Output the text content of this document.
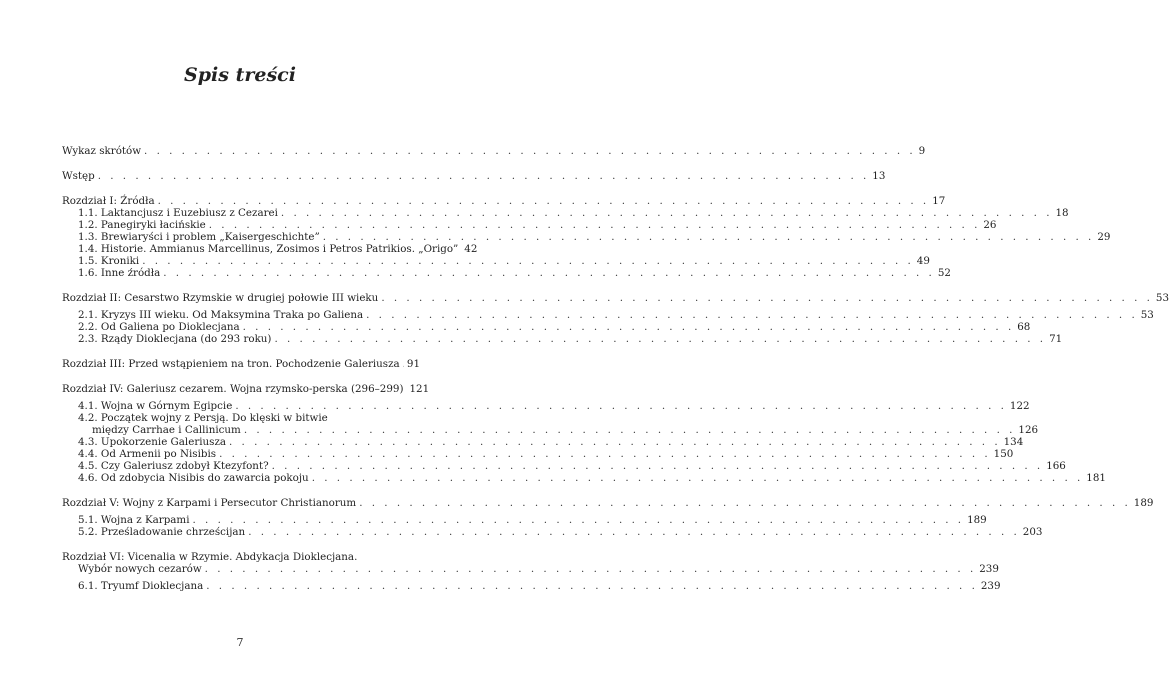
Spis treści
Wykaz skrótów . . . . . . . . . . . . . . . . . . . . . . . . . . . . . . . . . . . . . . . . . . . . . . . . . . . . . . . . . . . . . . 9
Wstęp . . . . . . . . . . . . . . . . . . . . . . . . . . . . . . . . . . . . . . . . . . . . . . . . . . . . . . . . . . . . . . 13
Rozdział I: Źródła . . . . . . . . . . . . . . . . . . . . . . . . . . . . . . . . . . . . . . . . . . . . . . . . . . . . . . . . . . . . . . 17
1.1. Laktancjusz i Euzebiusz z Cezarei . . . . . . . . . . . . . . . . . . . . . . . . . . . . . . . . . . . . . . . . . . . . . . . . . . . . . . . . . . . . . . 18
1.2. Panegiryki łacińskie . . . . . . . . . . . . . . . . . . . . . . . . . . . . . . . . . . . . . . . . . . . . . . . . . . . . . . . . . . . . . . 26
1.3. Brewiaryści i problem „Kaisergeschichte” . . . . . . . . . . . . . . . . . . . . . . . . . . . . . . . . . . . . . . . . . . . . . . . . . . . . . . . . . . . . . . 29
1.4. Historie. Ammianus Marcellinus, Zosimos i Petros Patrikios. „Origo” 42
1.5. Kroniki . . . . . . . . . . . . . . . . . . . . . . . . . . . . . . . . . . . . . . . . . . . . . . . . . . . . . . . . . . . . . . 49
1.6. Inne źródła . . . . . . . . . . . . . . . . . . . . . . . . . . . . . . . . . . . . . . . . . . . . . . . . . . . . . . . . . . . . . . 52
Rozdział II: Cesarstwo Rzymskie w drugiej połowie III wieku . . . . . . . . . . . . . . . . . . . . . . . . . . . . . . . . . . . . . . . . . . . . . . . . . . . . . . . . . . . . . . 53
2.1. Kryzys III wieku. Od Maksymina Traka po Galiena . . . . . . . . . . . . . . . . . . . . . . . . . . . . . . . . . . . . . . . . . . . . . . . . . . . . . . . . . . . . . . 53
2.2. Od Galiena po Dioklecjana . . . . . . . . . . . . . . . . . . . . . . . . . . . . . . . . . . . . . . . . . . . . . . . . . . . . . . . . . . . . . . 68
2.3. Rządy Dioklecjana (do 293 roku) . . . . . . . . . . . . . . . . . . . . . . . . . . . . . . . . . . . . . . . . . . . . . . . . . . . . . . . . . . . . . . 71
Rozdział III: Przed wstąpieniem na tron. Pochodzenie Galeriusza 91
Rozdział IV: Galeriusz cezarem. Wojna rzymsko-perska (296–299) 121
4.1. Wojna w Górnym Egipcie . . . . . . . . . . . . . . . . . . . . . . . . . . . . . . . . . . . . . . . . . . . . . . . . . . . . . . . . . . . . . . 122
4.2. Początek wojny z Persją. Do klęski w bitwie
między Carrhae i Callinicum . . . . . . . . . . . . . . . . . . . . . . . . . . . . . . . . . . . . . . . . . . . . . . . . . . . . . . . . . . . . . . 126
4.3. Upokorzenie Galeriusza . . . . . . . . . . . . . . . . . . . . . . . . . . . . . . . . . . . . . . . . . . . . . . . . . . . . . . . . . . . . . . 134
4.4. Od Armenii po Nisibis . . . . . . . . . . . . . . . . . . . . . . . . . . . . . . . . . . . . . . . . . . . . . . . . . . . . . . . . . . . . . . 150
4.5. Czy Galeriusz zdobył Ktezyfont? . . . . . . . . . . . . . . . . . . . . . . . . . . . . . . . . . . . . . . . . . . . . . . . . . . . . . . . . . . . . . . 166
4.6. Od zdobycia Nisibis do zawarcia pokoju . . . . . . . . . . . . . . . . . . . . . . . . . . . . . . . . . . . . . . . . . . . . . . . . . . . . . . . . . . . . . . 181
Rozdział V: Wojny z Karpami i Persecutor Christianorum . . . . . . . . . . . . . . . . . . . . . . . . . . . . . . . . . . . . . . . . . . . . . . . . . . . . . . . . . . . . . . 189
5.1. Wojna z Karpami . . . . . . . . . . . . . . . . . . . . . . . . . . . . . . . . . . . . . . . . . . . . . . . . . . . . . . . . . . . . . . 189
5.2. Prześladowanie chrześcijan . . . . . . . . . . . . . . . . . . . . . . . . . . . . . . . . . . . . . . . . . . . . . . . . . . . . . . . . . . . . . . 203
Rozdział VI: Vicenalia w Rzymie. Abdykacja Dioklecjana.
Wybór nowych cezarów . . . . . . . . . . . . . . . . . . . . . . . . . . . . . . . . . . . . . . . . . . . . . . . . . . . . . . . . . . . . . . 239
6.1. Tryumf Dioklecjana . . . . . . . . . . . . . . . . . . . . . . . . . . . . . . . . . . . . . . . . . . . . . . . . . . . . . . . . . . . . . . 239
7
